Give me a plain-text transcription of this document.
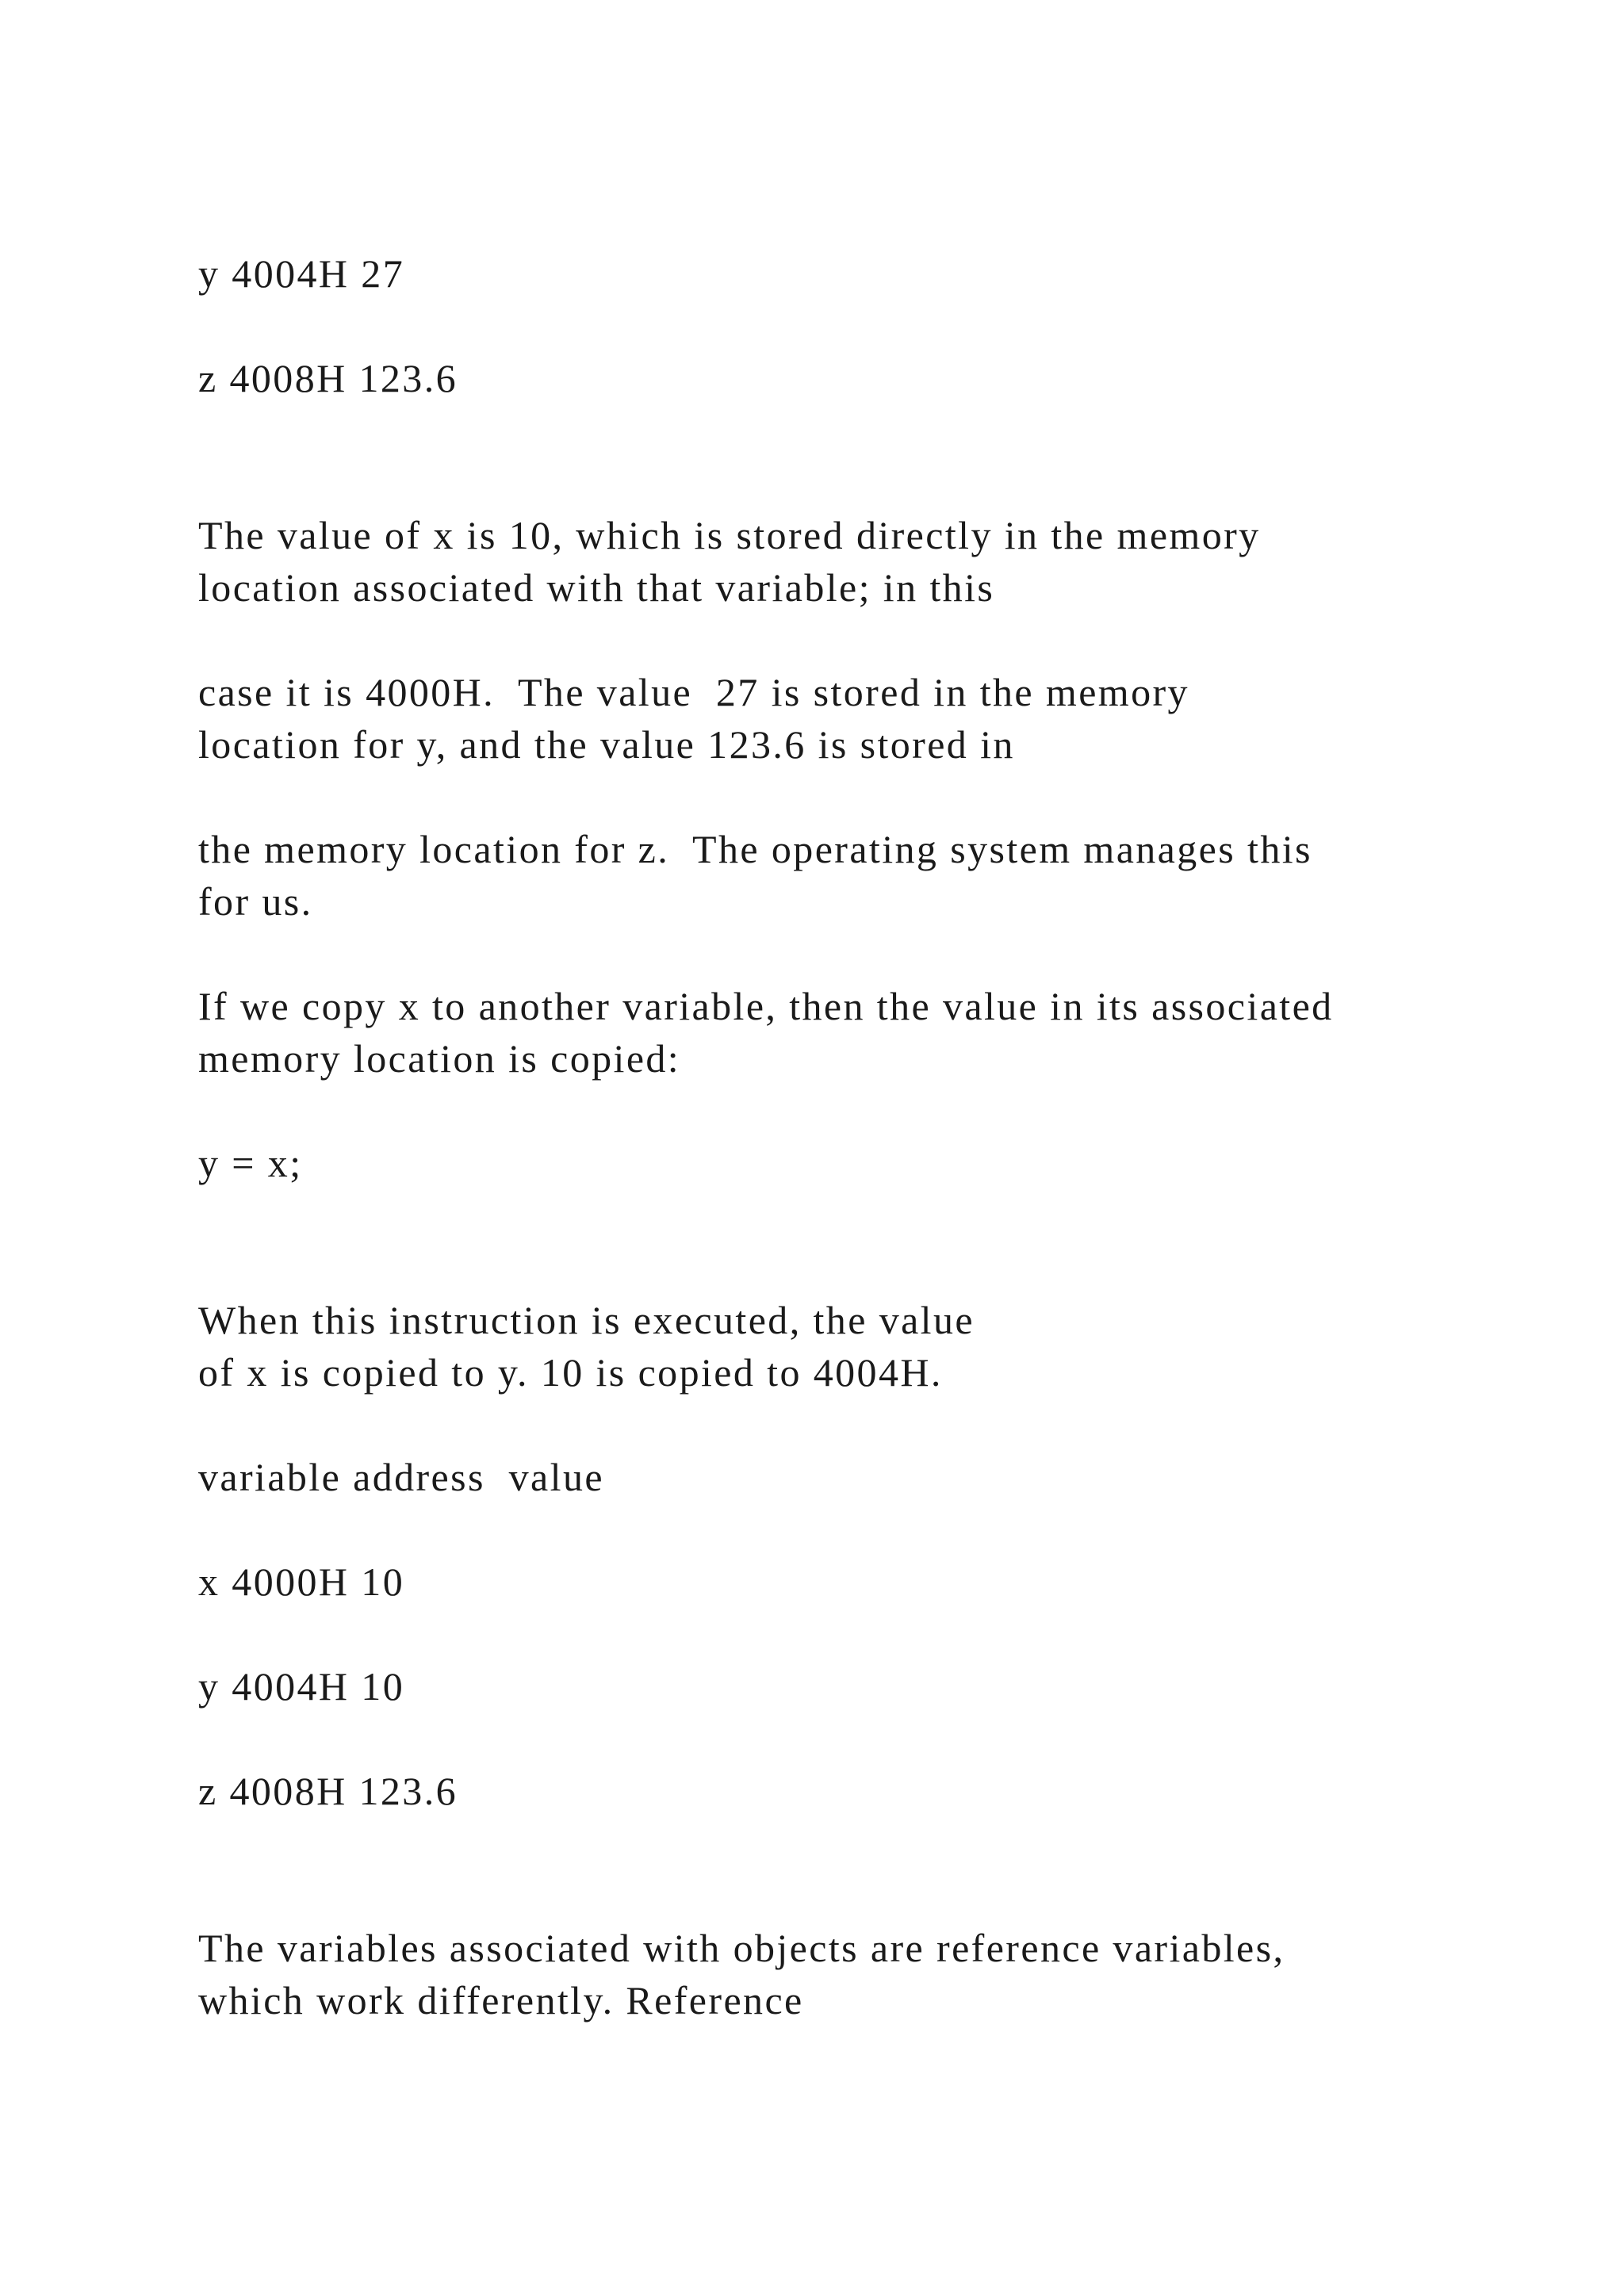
y 4004H 27

z 4008H 123.6

The value of x is 10, which is stored directly in the memory

location associated with that variable; in this

case it is 4000H.  The value  27 is stored in the memory

location for y, and the value 123.6 is stored in

the memory location for z.  The operating system manages this

for us.

If we copy x to another variable, then the value in its associated

memory location is copied:

y = x;

When this instruction is executed, the value

of x is copied to y. 10 is copied to 4004H.

variable address  value

x 4000H 10

y 4004H 10

z 4008H 123.6

The variables associated with objects are reference variables,

which work differently. Reference
